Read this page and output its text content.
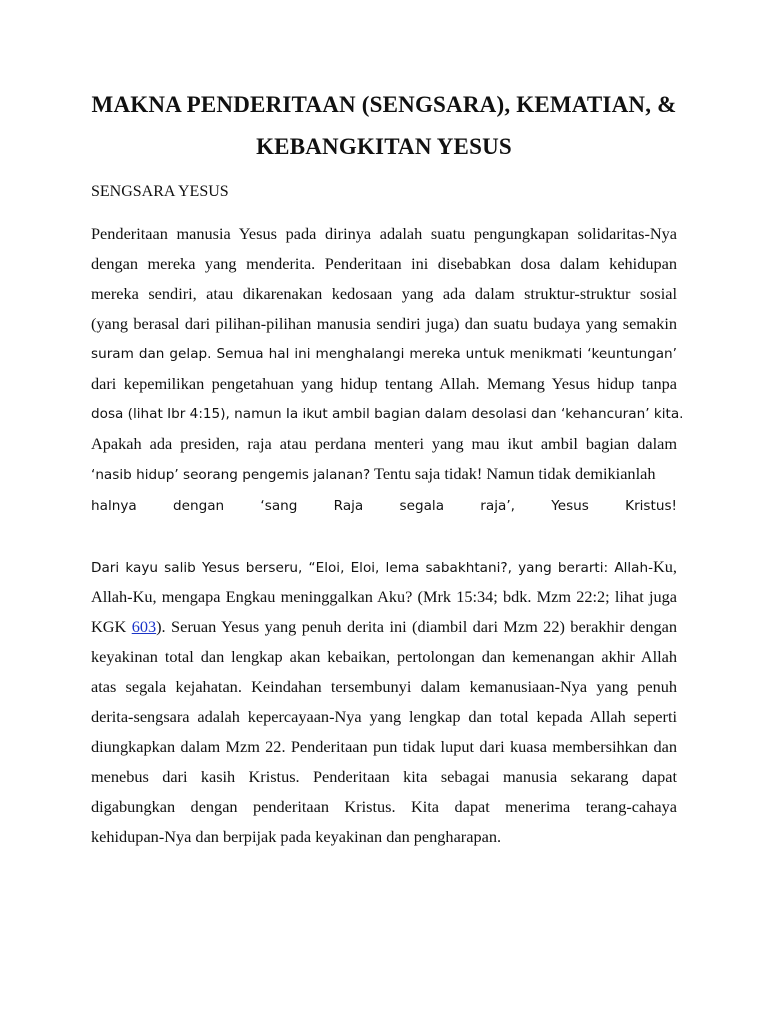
MAKNA PENDERITAAN (SENGSARA), KEMATIAN, &
KEBANGKITAN YESUS
SENGSARA YESUS

Penderitaan manusia Yesus pada dirinya adalah suatu pengungkapan solidaritas-Nya

dengan mereka yang menderita. Penderitaan ini disebabkan dosa dalam kehidupan

mereka sendiri, atau dikarenakan kedosaan yang ada dalam struktur-struktur sosial

(yang berasal dari pilihan-pilihan manusia sendiri juga) dan suatu budaya yang semakin

suram dan gelap. Semua hal ini menghalangi mereka untuk menikmati ‘keuntungan’

dari kepemilikan pengetahuan yang hidup tentang Allah. Memang Yesus hidup tanpa

dosa (lihat Ibr 4:15), namun Ia ikut ambil bagian dalam desolasi dan ‘kehancuran’ kita.

Apakah ada presiden, raja atau perdana menteri yang mau ikut ambil bagian dalam

‘nasib hidup’ seorang pengemis jalanan? Tentu saja tidak! Namun tidak demikianlah

halnya dengan ‘sang Raja segala raja’, Yesus Kristus!

Dari kayu salib Yesus berseru, “Eloi, Eloi, lema sabakhtani?, yang berarti: Allah-Ku,

Allah-Ku, mengapa Engkau meninggalkan Aku? (Mrk 15:34; bdk. Mzm 22:2; lihat juga

KGK 603). Seruan Yesus yang penuh derita ini (diambil dari Mzm 22) berakhir dengan

keyakinan total dan lengkap akan kebaikan, pertolongan dan kemenangan akhir Allah

atas segala kejahatan. Keindahan tersembunyi dalam kemanusiaan-Nya yang penuh

derita-sengsara adalah kepercayaan-Nya yang lengkap dan total kepada Allah seperti

diungkapkan dalam Mzm 22. Penderitaan pun tidak luput dari kuasa membersihkan dan

menebus dari kasih Kristus. Penderitaan kita sebagai manusia sekarang dapat

digabungkan dengan penderitaan Kristus. Kita dapat menerima terang-cahaya

kehidupan-Nya dan berpijak pada keyakinan dan pengharapan.
